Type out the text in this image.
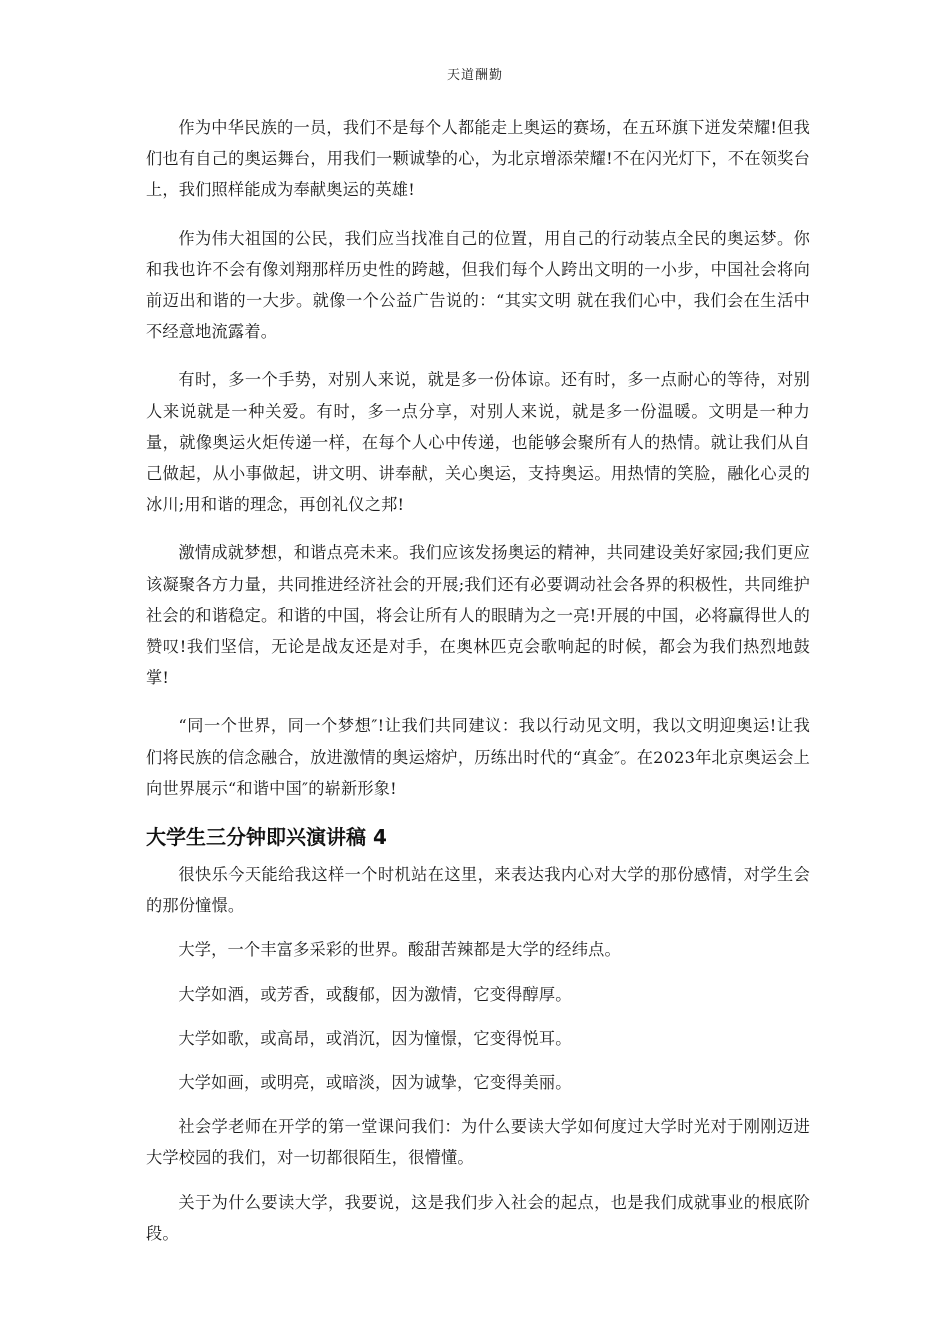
天道酬勤

作为中华民族的一员，我们不是每个人都能走上奥运的赛场，在五环旗下迸发荣耀!但我们也有自己的奥运舞台，用我们一颗诚挚的心，为北京增添荣耀!不在闪光灯下，不在领奖台上，我们照样能成为奉献奥运的英雄!

作为伟大祖国的公民，我们应当找准自己的位置，用自己的行动装点全民的奥运梦。你和我也许不会有像刘翔那样历史性的跨越，但我们每个人跨出文明的一小步，中国社会将向前迈出和谐的一大步。就像一个公益广告说的：“其实文明 就在我们心中，我们会在生活中不经意地流露着。

有时，多一个手势，对别人来说，就是多一份体谅。还有时，多一点耐心的等待，对别人来说就是一种关爱。有时，多一点分享，对别人来说，就是多一份温暖。文明是一种力量，就像奥运火炬传递一样，在每个人心中传递，也能够会聚所有人的热情。就让我们从自己做起，从小事做起，讲文明、讲奉献，关心奥运，支持奥运。用热情的笑脸，融化心灵的冰川;用和谐的理念，再创礼仪之邦!

激情成就梦想，和谐点亮未来。我们应该发扬奥运的精神，共同建设美好家园;我们更应该凝聚各方力量，共同推进经济社会的开展;我们还有必要调动社会各界的积极性，共同维护社会的和谐稳定。和谐的中国，将会让所有人的眼睛为之一亮!开展的中国，必将赢得世人的赞叹!我们坚信，无论是战友还是对手，在奥林匹克会歌响起的时候，都会为我们热烈地鼓掌!

“同一个世界，同一个梦想″!让我们共同建议：我以行动见文明，我以文明迎奥运!让我们将民族的信念融合，放进激情的奥运熔炉，历练出时代的“真金″。在2023年北京奥运会上向世界展示“和谐中国″的崭新形象!

大学生三分钟即兴演讲稿 4

很快乐今天能给我这样一个时机站在这里，来表达我内心对大学的那份感情，对学生会的那份憧憬。

大学，一个丰富多采彩的世界。酸甜苦辣都是大学的经纬点。

大学如酒，或芳香，或馥郁，因为激情，它变得醇厚。

大学如歌，或高昂，或消沉，因为憧憬，它变得悦耳。

大学如画，或明亮，或暗淡，因为诚挚，它变得美丽。

社会学老师在开学的第一堂课问我们：为什么要读大学如何度过大学时光对于刚刚迈进大学校园的我们，对一切都很陌生，很懵懂。

关于为什么要读大学，我要说，这是我们步入社会的起点，也是我们成就事业的根底阶段。
